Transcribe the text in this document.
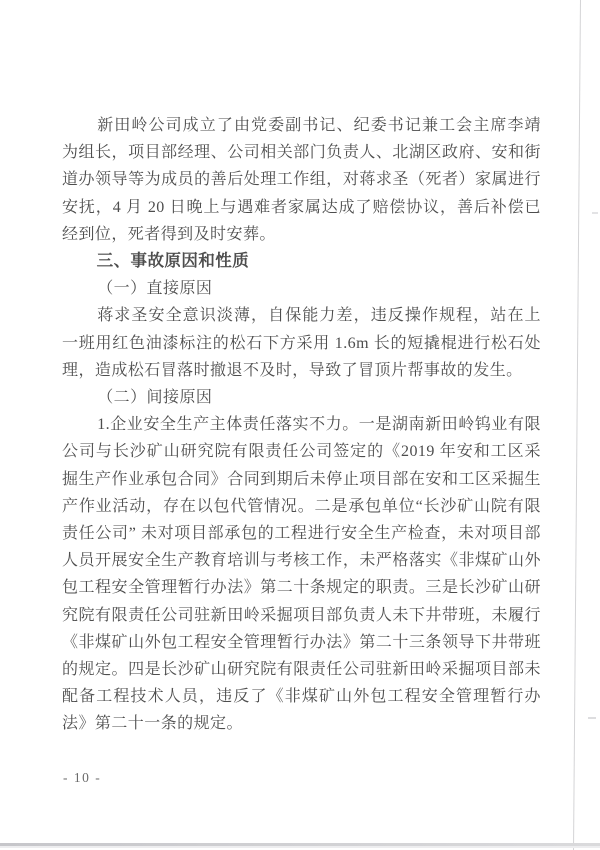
新田岭公司成立了由党委副书记、纪委书记兼工会主席李靖为组长，项目部经理、公司相关部门负责人、北湖区政府、安和街道办领导等为成员的善后处理工作组，对蒋求圣（死者）家属进行安抚，4 月 20 日晚上与遇难者家属达成了赔偿协议，善后补偿已经到位，死者得到及时安葬。

三、事故原因和性质

（一）直接原因

蒋求圣安全意识淡薄，自保能力差，违反操作规程，站在上一班用红色油漆标注的松石下方采用 1.6m 长的短撬棍进行松石处理，造成松石冒落时撤退不及时，导致了冒顶片帮事故的发生。

（二）间接原因

1.企业安全生产主体责任落实不力。一是湖南新田岭钨业有限公司与长沙矿山研究院有限责任公司签定的《2019 年安和工区采掘生产作业承包合同》合同到期后未停止项目部在安和工区采掘生产作业活动，存在以包代管情况。二是承包单位“长沙矿山院有限责任公司” 未对项目部承包的工程进行安全生产检查，未对项目部人员开展安全生产教育培训与考核工作，未严格落实《非煤矿山外包工程安全管理暂行办法》第二十条规定的职责。三是长沙矿山研究院有限责任公司驻新田岭采掘项目部负责人未下井带班，未履行《非煤矿山外包工程安全管理暂行办法》第二十三条领导下井带班的规定。四是长沙矿山研究院有限责任公司驻新田岭采掘项目部未配备工程技术人员，违反了《非煤矿山外包工程安全管理暂行办法》第二十一条的规定。

- 10 -
